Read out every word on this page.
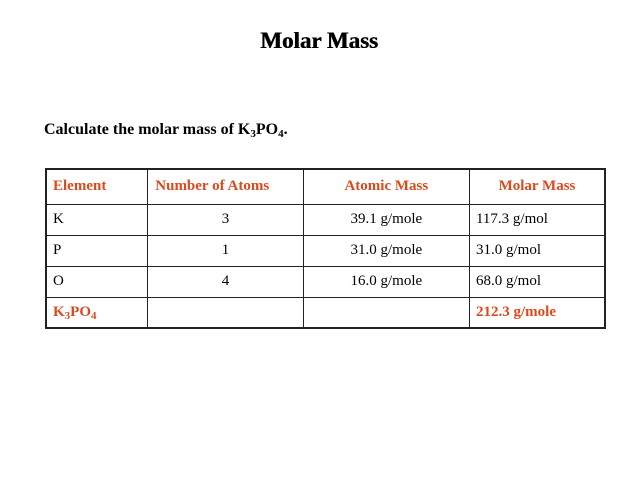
Molar Mass
Calculate the molar mass of $K_3PO_4$.
Element	Number of Atoms	Atomic Mass	Molar Mass
K	3	39.1 g/mole	117.3 g/mol
P	1	31.0 g/mole	31.0 g/mol
O	4	16.0 g/mole	68.0 g/mol
$K_3PO_4$			212.3 g/mole
